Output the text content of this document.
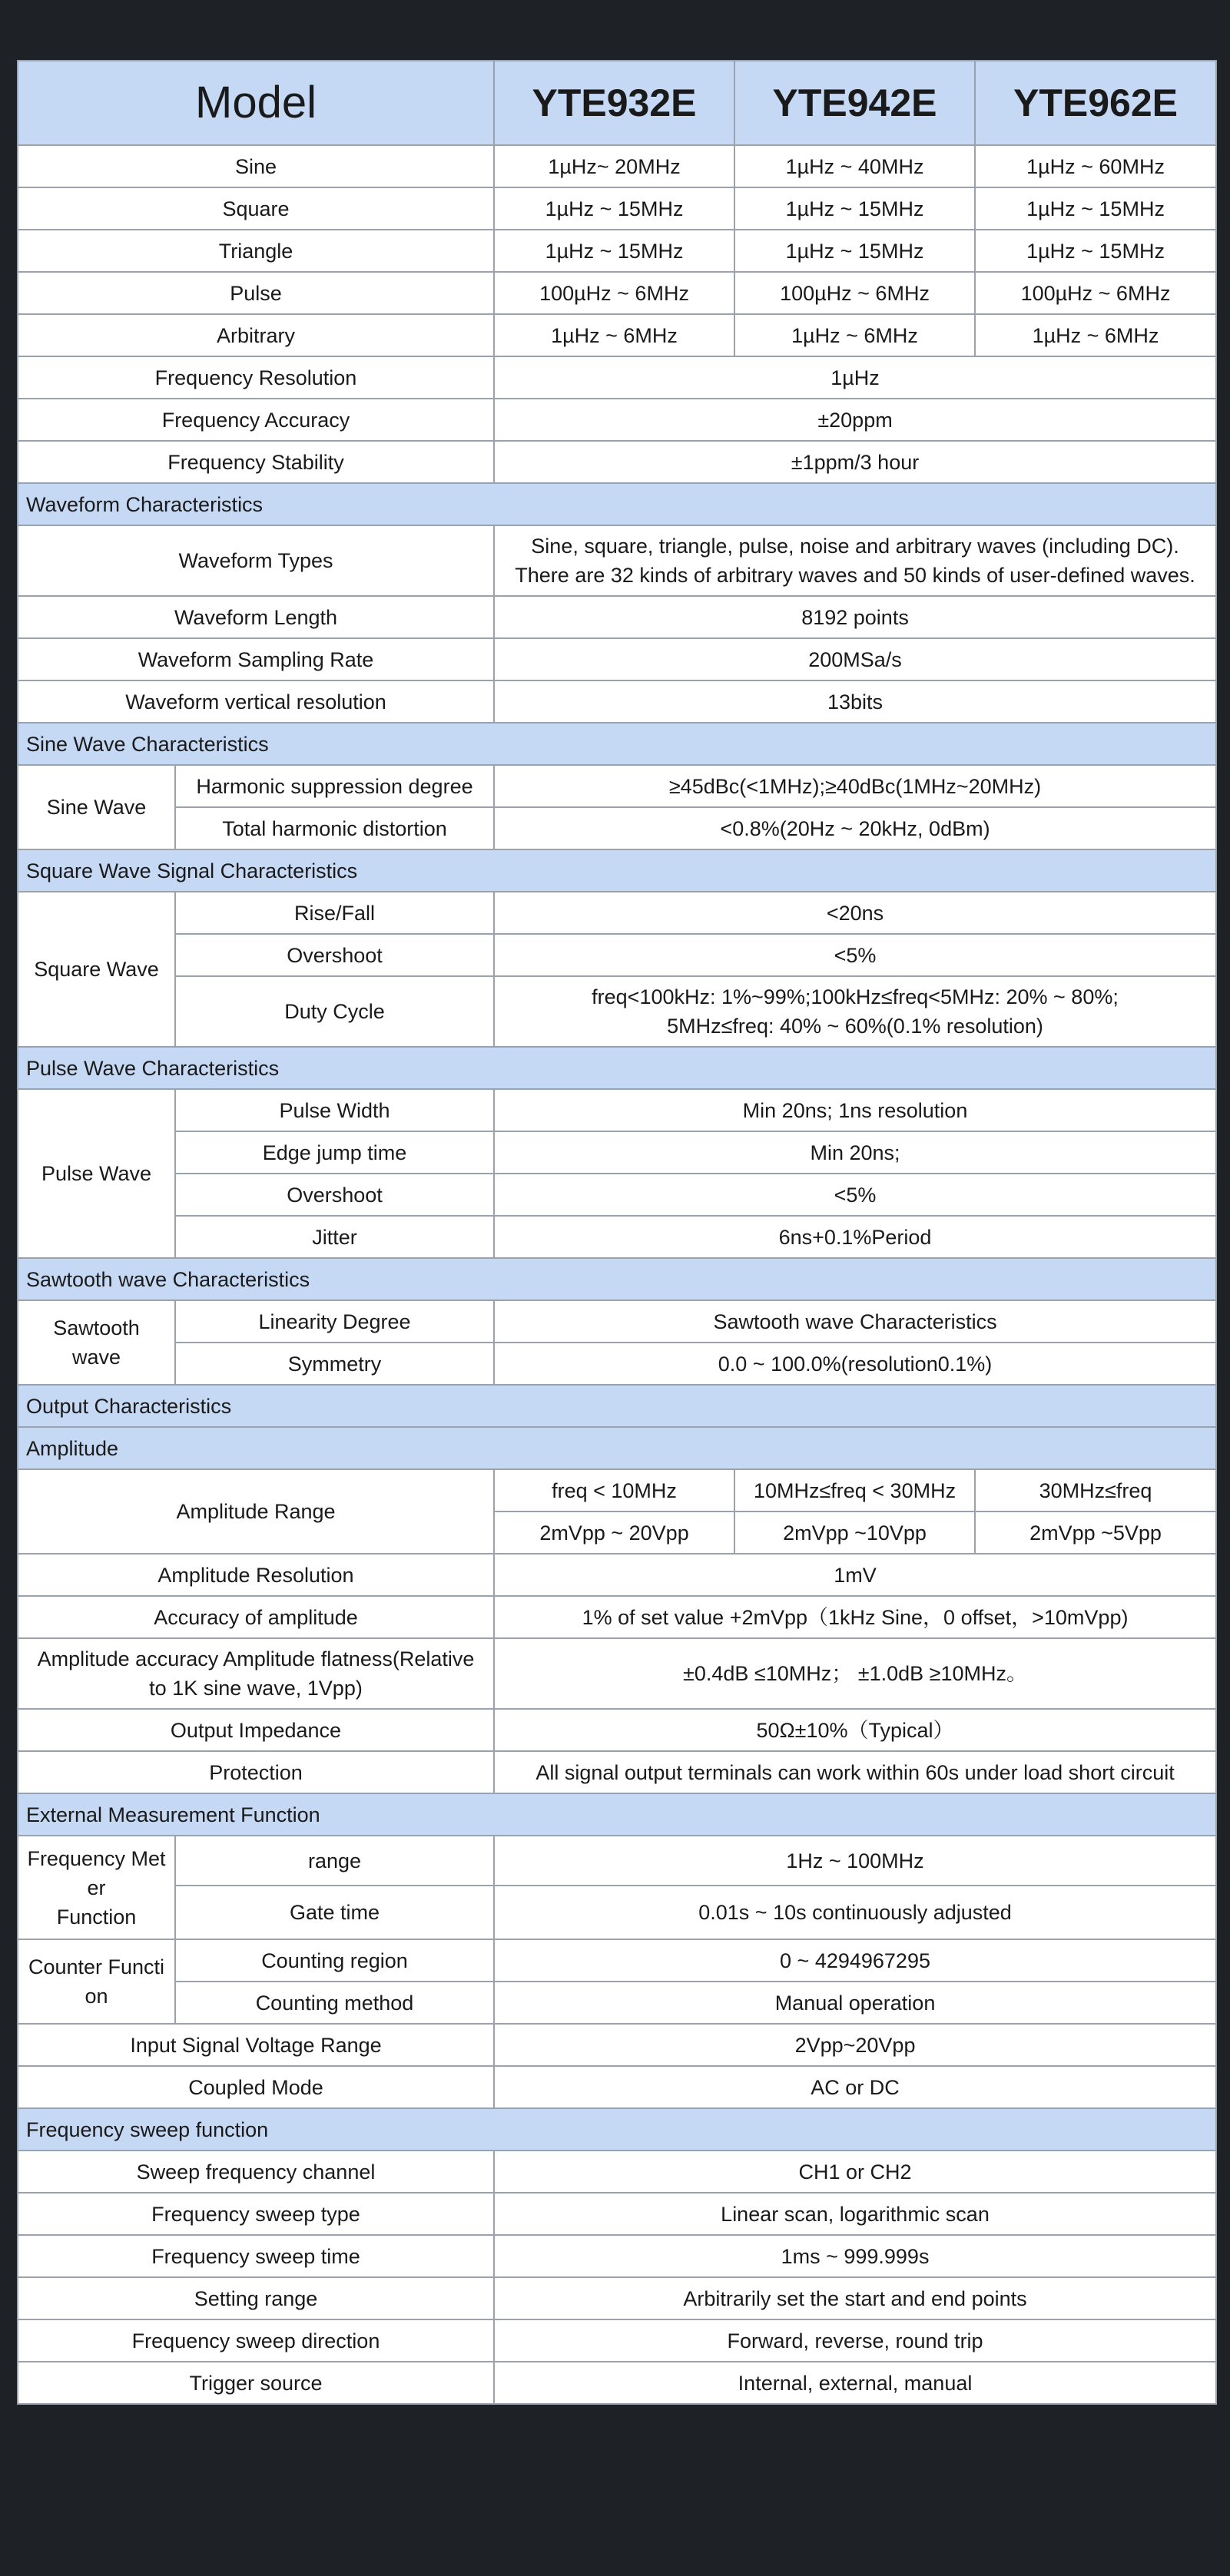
Model		YTE932E	YTE942E	YTE962E
Sine		1µHz~ 20MHz	1µHz ~ 40MHz	1µHz ~ 60MHz
Square		1µHz ~ 15MHz	1µHz ~ 15MHz	1µHz ~ 15MHz
Triangle		1µHz ~ 15MHz	1µHz ~ 15MHz	1µHz ~ 15MHz
Pulse		100µHz ~ 6MHz	100µHz ~ 6MHz	100µHz ~ 6MHz
Arbitrary		1µHz ~ 6MHz	1µHz ~ 6MHz	1µHz ~ 6MHz
Frequency Resolution		1µHz		
Frequency Accuracy		±20ppm		
Frequency Stability		±1ppm/3 hour		
Waveform Characteristics				
Waveform Types		Sine, square, triangle, pulse, noise and arbitrary waves (including DC).
There are 32 kinds of arbitrary waves and 50 kinds of user-defined waves.		

Waveform Length		8192 points		
Waveform Sampling Rate		200MSa/s		
Waveform vertical resolution		13bits		
Sine Wave Characteristics				
Sine Wave	Harmonic suppression degree	≥45dBc(<1MHz);≥40dBc(1MHz~20MHz)		
	Total harmonic distortion	<0.8%(20Hz ~ 20kHz, 0dBm)		
Square Wave Signal Characteristics				
Square Wave	Rise/Fall	<20ns		
	Overshoot	<5%		
	Duty Cycle	freq<100kHz: 1%~99%;100kHz≤freq<5MHz: 20% ~ 80%;
5MHz≤freq: 40% ~ 60%(0.1% resolution)		

Pulse Wave Characteristics				
Pulse Wave	Pulse Width	Min 20ns; 1ns resolution		
	Edge jump time	Min 20ns;		
	Overshoot	<5%		
	Jitter	6ns+0.1%Period		
Sawtooth wave Characteristics				

Sawtooth
wave	Linearity Degree	Sawtooth wave Characteristics		
	Symmetry	0.0 ~ 100.0%(resolution0.1%)		
Output Characteristics				
Amplitude				
Amplitude Range		freq < 10MHz	10MHz≤freq < 30MHz	30MHz≤freq
		2mVpp ~ 20Vpp	2mVpp ~10Vpp	2mVpp ~5Vpp
Amplitude Resolution		1mV		
Accuracy of amplitude		1% of set value +2mVpp（1kHz Sine，0 offset，>10mVpp)		

Amplitude accuracy Amplitude flatness(Relative
to 1K sine wave, 1Vpp)		±0.4dB ≤10MHz； ±1.0dB ≥10MHz。		
Output Impedance		50Ω±10%（Typical）		
Protection		All signal output terminals can work within 60s under load short circuit		
External Measurement Function				

Frequency Met
er
Function	range	1Hz ~ 100MHz		
	Gate time	0.01s ~ 10s continuously adjusted		

Counter Functi
on	Counting region	0 ~ 4294967295		
	Counting method	Manual operation		
Input Signal Voltage Range		2Vpp~20Vpp		
Coupled Mode		AC or DC		
Frequency sweep function				
Sweep frequency channel		CH1 or CH2		
Frequency sweep type		Linear scan, logarithmic scan		
Frequency sweep time		1ms ~ 999.999s		
Setting range		Arbitrarily set the start and end points		
Frequency sweep direction		Forward, reverse, round trip		
Trigger source		Internal, external, manual		
